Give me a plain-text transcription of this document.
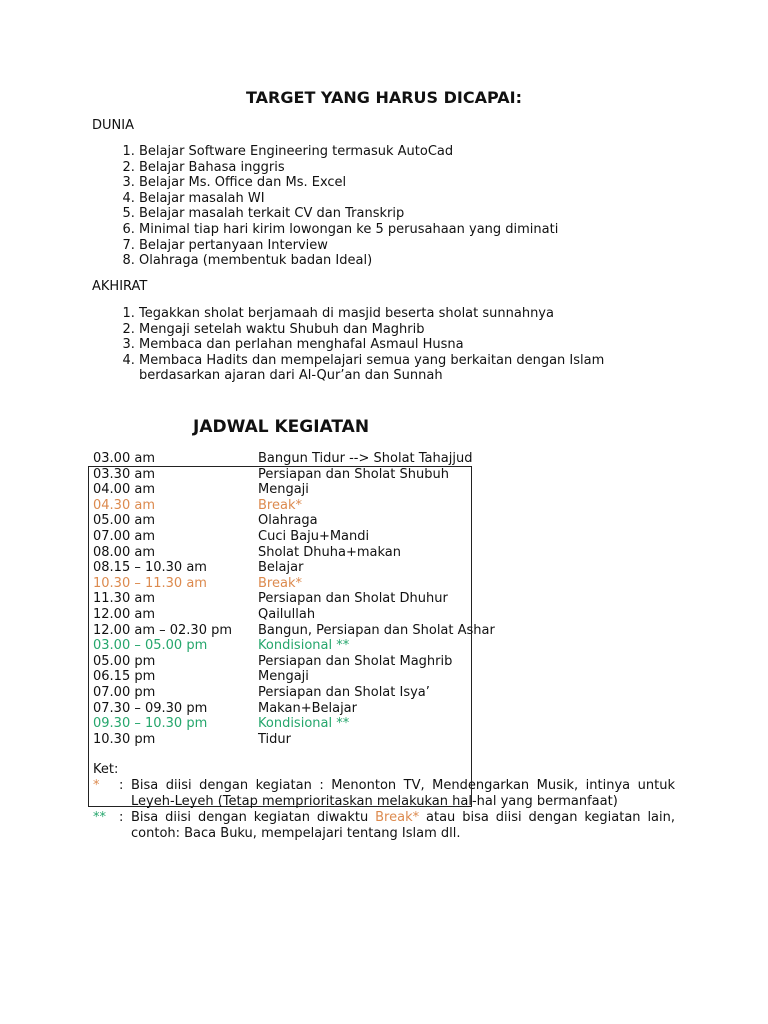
TARGET YANG HARUS DICAPAI:
DUNIA
1. Belajar Software Engineering termasuk AutoCad
2. Belajar Bahasa inggris
3. Belajar Ms. Office dan Ms. Excel
4. Belajar masalah WI
5. Belajar masalah terkait CV dan Transkrip
6. Minimal tiap hari kirim lowongan ke 5 perusahaan yang diminati
7. Belajar pertanyaan Interview
8. Olahraga (membentuk badan Ideal)
AKHIRAT
1. Tegakkan sholat berjamaah di masjid beserta sholat sunnahnya
2. Mengaji setelah waktu Shubuh dan Maghrib
3. Membaca dan perlahan menghafal Asmaul Husna
4. Membaca Hadits dan mempelajari semua yang berkaitan dengan Islam berdasarkan ajaran dari Al-Qur’an dan Sunnah
JADWAL KEGIATAN
03.00 am	Bangun Tidur --> Sholat Tahajjud
03.30 am	Persiapan dan Sholat Shubuh
04.00 am	Mengaji
04.30 am	Break*
05.00 am	Olahraga
07.00 am	Cuci Baju+Mandi
08.00 am	Sholat Dhuha+makan
08.15 – 10.30 am	Belajar
10.30 – 11.30 am	Break*
11.30 am	Persiapan dan Sholat Dhuhur
12.00 am	Qailullah
12.00 am – 02.30 pm	Bangun, Persiapan dan Sholat Ashar
03.00 – 05.00 pm	Kondisional **
05.00 pm	Persiapan dan Sholat Maghrib
06.15 pm	Mengaji
07.00 pm	Persiapan dan Sholat Isya’
07.30 – 09.30 pm	Makan+Belajar
09.30 – 10.30 pm	Kondisional **
10.30 pm	Tidur
Ket:
*	: Bisa diisi dengan kegiatan : Menonton TV, Mendengarkan Musik, intinya untuk Leyeh-Leyeh (Tetap memprioritaskan melakukan hal-hal yang bermanfaat)
**	: Bisa diisi dengan kegiatan diwaktu Break* atau bisa diisi dengan kegiatan lain, contoh: Baca Buku, mempelajari tentang Islam dll.
